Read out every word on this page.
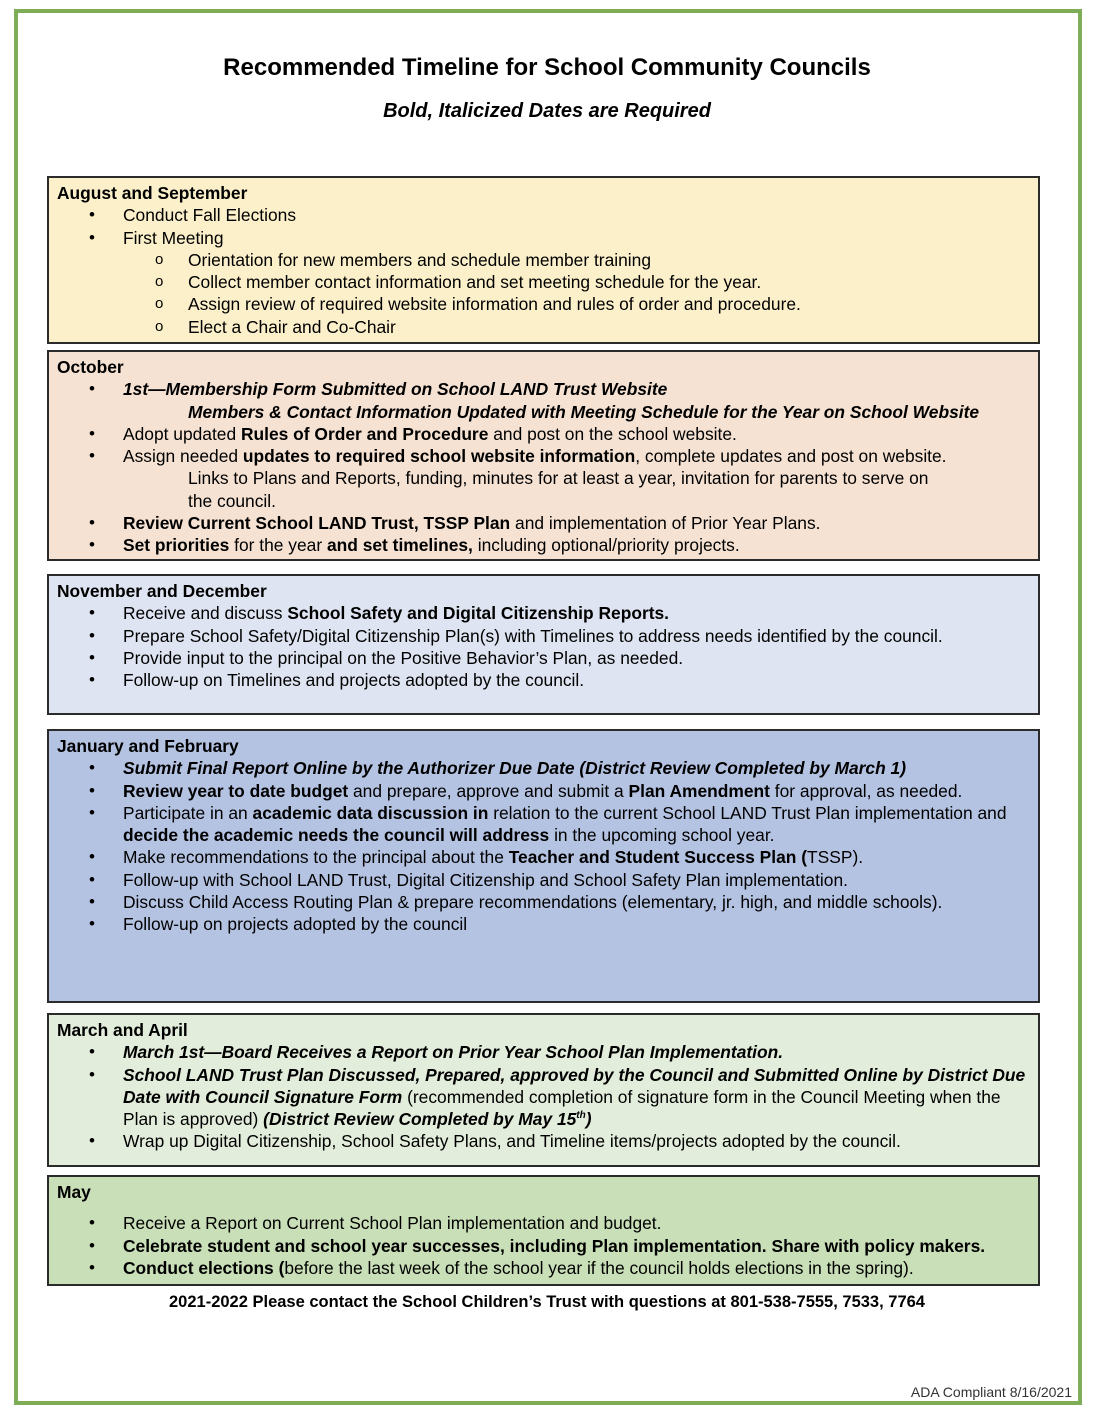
Recommended Timeline for School Community Councils
Bold, Italicized Dates are Required
August and September
• Conduct Fall Elections
• First Meeting
o Orientation for new members and schedule member training
o Collect member contact information and set meeting schedule for the year.
o Assign review of required website information and rules of order and procedure.
o Elect a Chair and Co-Chair
October
• 1st—Membership Form Submitted on School LAND Trust Website
Members & Contact Information Updated with Meeting Schedule for the Year on School Website
• Adopt updated Rules of Order and Procedure and post on the school website.
• Assign needed updates to required school website information, complete updates and post on website.
Links to Plans and Reports, funding, minutes for at least a year, invitation for parents to serve on
the council.
• Review Current School LAND Trust, TSSP Plan and implementation of Prior Year Plans.
• Set priorities for the year and set timelines, including optional/priority projects.
November and December
• Receive and discuss School Safety and Digital Citizenship Reports.
• Prepare School Safety/Digital Citizenship Plan(s) with Timelines to address needs identified by the council.
• Provide input to the principal on the Positive Behavior’s Plan, as needed.
• Follow-up on Timelines and projects adopted by the council.
January and February
• Submit Final Report Online by the Authorizer Due Date (District Review Completed by March 1)
• Review year to date budget and prepare, approve and submit a Plan Amendment for approval, as needed.
• Participate in an academic data discussion in relation to the current School LAND Trust Plan implementation and decide the academic needs the council will address in the upcoming school year.
• Make recommendations to the principal about the Teacher and Student Success Plan (TSSP).
• Follow-up with School LAND Trust, Digital Citizenship and School Safety Plan implementation.
• Discuss Child Access Routing Plan & prepare recommendations (elementary, jr. high, and middle schools).
• Follow-up on projects adopted by the council
March and April
• March 1st—Board Receives a Report on Prior Year School Plan Implementation.
• School LAND Trust Plan Discussed, Prepared, approved by the Council and Submitted Online by District Due Date with Council Signature Form (recommended completion of signature form in the Council Meeting when the Plan is approved) (District Review Completed by May 15th)
• Wrap up Digital Citizenship, School Safety Plans, and Timeline items/projects adopted by the council.
May
• Receive a Report on Current School Plan implementation and budget.
• Celebrate student and school year successes, including Plan implementation. Share with policy makers.
• Conduct elections (before the last week of the school year if the council holds elections in the spring).
2021-2022 Please contact the School Children’s Trust with questions at 801-538-7555, 7533, 7764
ADA Compliant 8/16/2021
